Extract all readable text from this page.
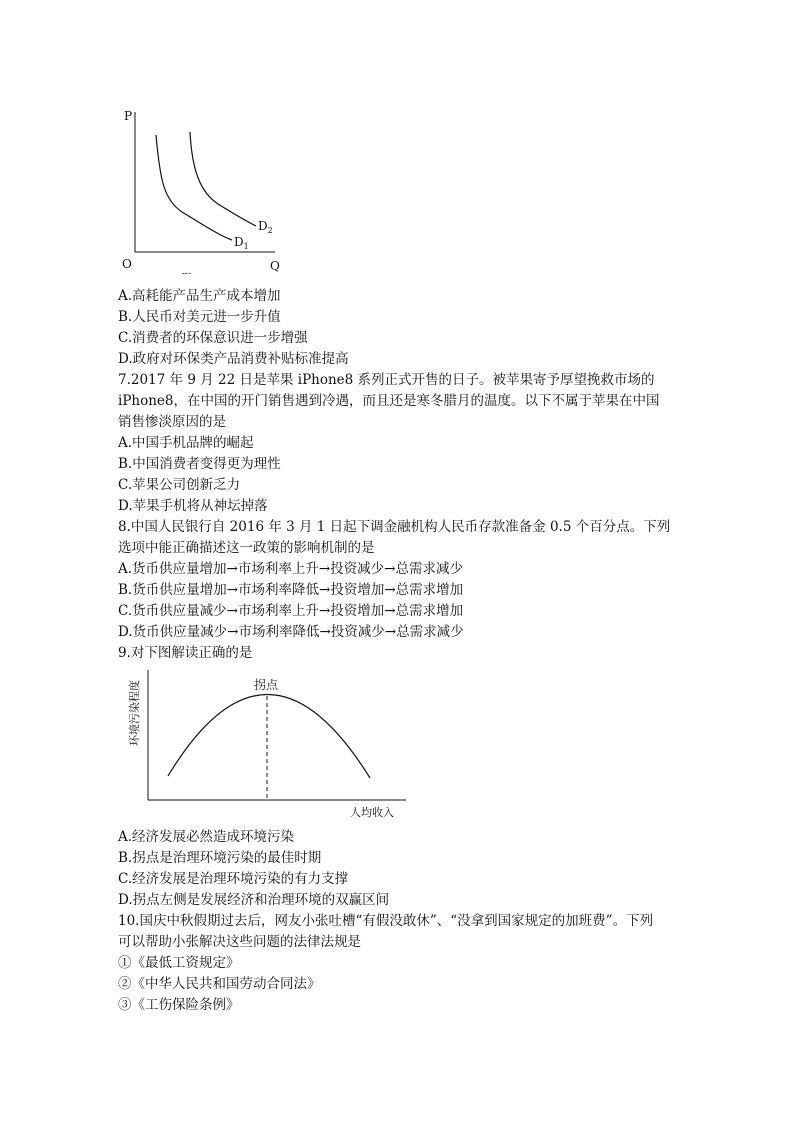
P
O	Q
$D_2$
$D_1$
---
A.高耗能产品生产成本增加
B.人民币对美元进一步升值
C.消费者的环保意识进一步增强
D.政府对环保类产品消费补贴标准提高
7.2017 年 9 月 22 日是苹果 iPhone8 系列正式开售的日子。被苹果寄予厚望挽救市场的
iPhone8，在中国的开门销售遇到冷遇，而且还是寒冬腊月的温度。以下不属于苹果在中国
销售惨淡原因的是
A.中国手机品牌的崛起
B.中国消费者变得更为理性
C.苹果公司创新乏力
D.苹果手机将从神坛掉落
8.中国人民银行自 2016 年 3 月 1 日起下调金融机构人民币存款准备金 0.5 个百分点。下列
选项中能正确描述这一政策的影响机制的是
A.货币供应量增加→市场利率上升→投资减少→总需求减少
B.货币供应量增加→市场利率降低→投资增加→总需求增加
C.货币供应量减少→市场利率上升→投资增加→总需求增加
D.货币供应量减少→市场利率降低→投资减少→总需求减少
9.对下图解读正确的是
环境污染程度
人均收入
拐点
A.经济发展必然造成环境污染
B.拐点是治理环境污染的最佳时期
C.经济发展是治理环境污染的有力支撑
D.拐点左侧是发展经济和治理环境的双赢区间
10.国庆中秋假期过去后，网友小张吐槽“有假没敢休”、“没拿到国家规定的加班费”。下列
可以帮助小张解决这些问题的法律法规是
①《最低工资规定》
②《中华人民共和国劳动合同法》
③《工伤保险条例》
